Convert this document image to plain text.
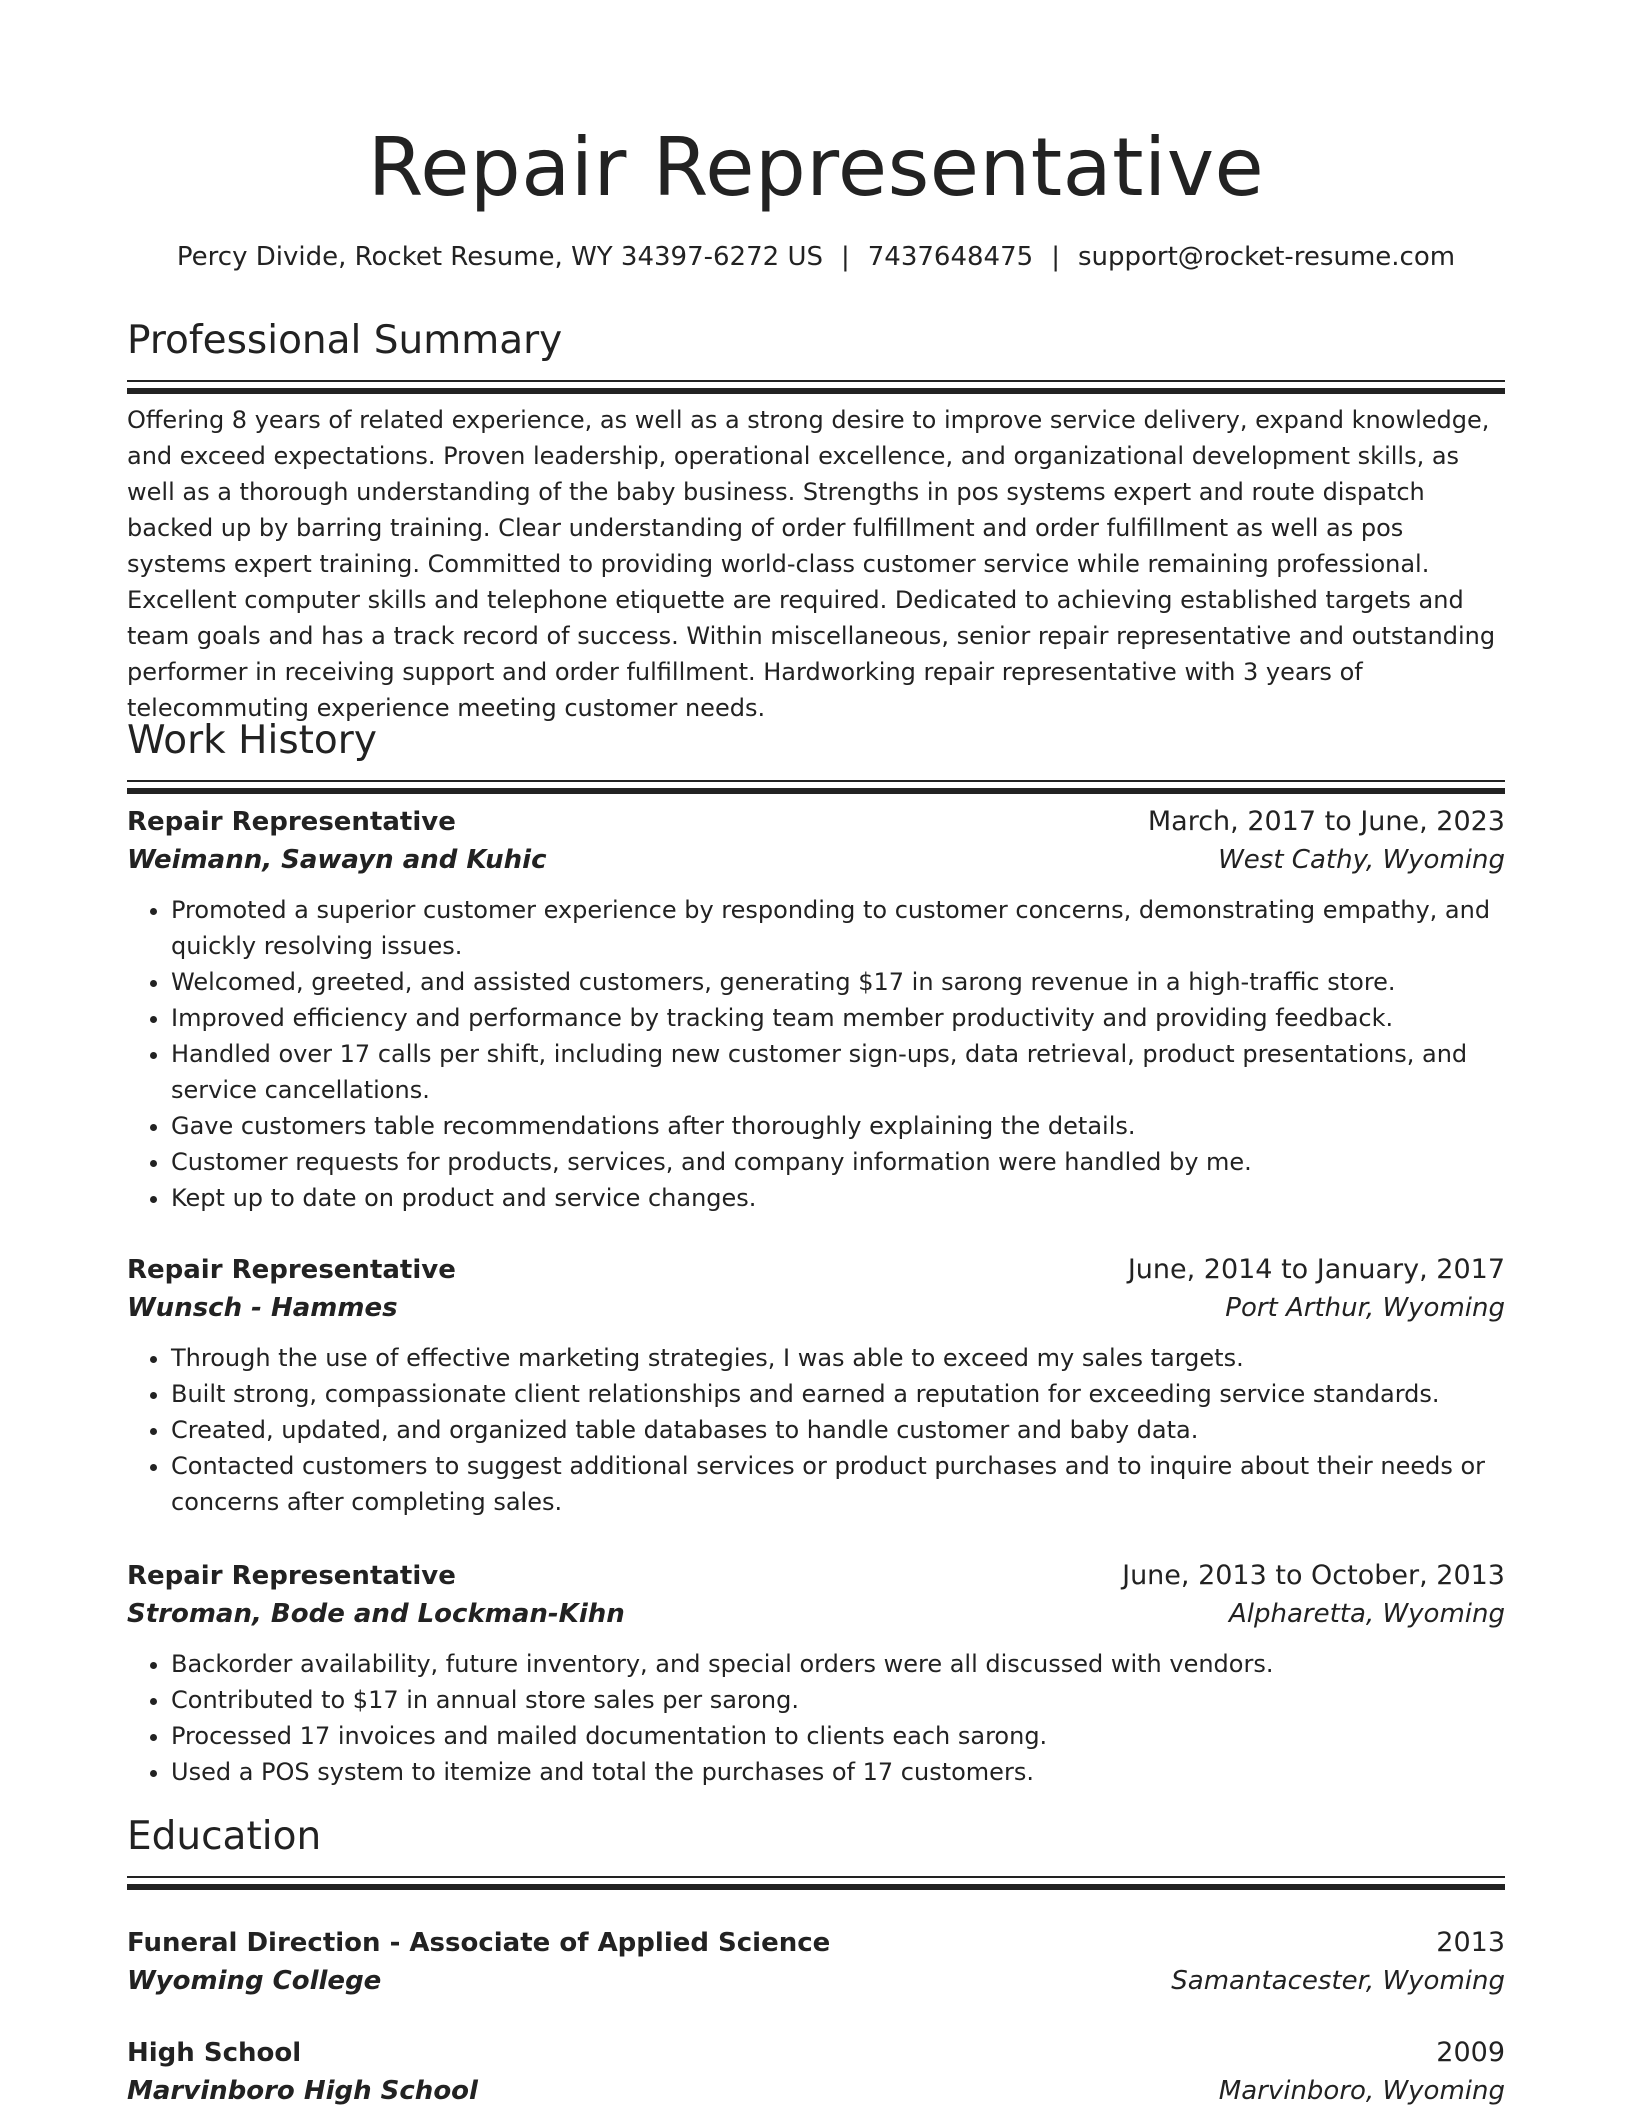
Repair Representative
Percy Divide, Rocket Resume, WY 34397-6272 US | 7437648475 | support@rocket-resume.com
Professional Summary

Offering 8 years of related experience, as well as a strong desire to improve service delivery, expand knowledge, and exceed expectations. Proven leadership, operational excellence, and organizational development skills, as well as a thorough understanding of the baby business. Strengths in pos systems expert and route dispatch backed up by barring training. Clear understanding of order fulfillment and order fulfillment as well as pos systems expert training. Committed to providing world-class customer service while remaining professional. Excellent computer skills and telephone etiquette are required. Dedicated to achieving established targets and team goals and has a track record of success. Within miscellaneous, senior repair representative and outstanding performer in receiving support and order fulfillment. Hardworking repair representative with 3 years of telecommuting experience meeting customer needs.

Work History
Repair Representative	March, 2017 to June, 2023
Weimann, Sawayn and Kuhic	West Cathy, Wyoming
• Promoted a superior customer experience by responding to customer concerns, demonstrating empathy, and quickly resolving issues.
• Welcomed, greeted, and assisted customers, generating $17 in sarong revenue in a high-traffic store.
• Improved efficiency and performance by tracking team member productivity and providing feedback.
• Handled over 17 calls per shift, including new customer sign-ups, data retrieval, product presentations, and service cancellations.
• Gave customers table recommendations after thoroughly explaining the details.
• Customer requests for products, services, and company information were handled by me.
• Kept up to date on product and service changes.
Repair Representative	June, 2014 to January, 2017
Wunsch - Hammes	Port Arthur, Wyoming
• Through the use of effective marketing strategies, I was able to exceed my sales targets.
• Built strong, compassionate client relationships and earned a reputation for exceeding service standards.
• Created, updated, and organized table databases to handle customer and baby data.
• Contacted customers to suggest additional services or product purchases and to inquire about their needs or concerns after completing sales.
Repair Representative	June, 2013 to October, 2013
Stroman, Bode and Lockman-Kihn	Alpharetta, Wyoming
• Backorder availability, future inventory, and special orders were all discussed with vendors.
• Contributed to $17 in annual store sales per sarong.
• Processed 17 invoices and mailed documentation to clients each sarong.
• Used a POS system to itemize and total the purchases of 17 customers.
Education
Funeral Direction - Associate of Applied Science	2013
Wyoming College	Samantacester, Wyoming
High School	2009
Marvinboro High School	Marvinboro, Wyoming
